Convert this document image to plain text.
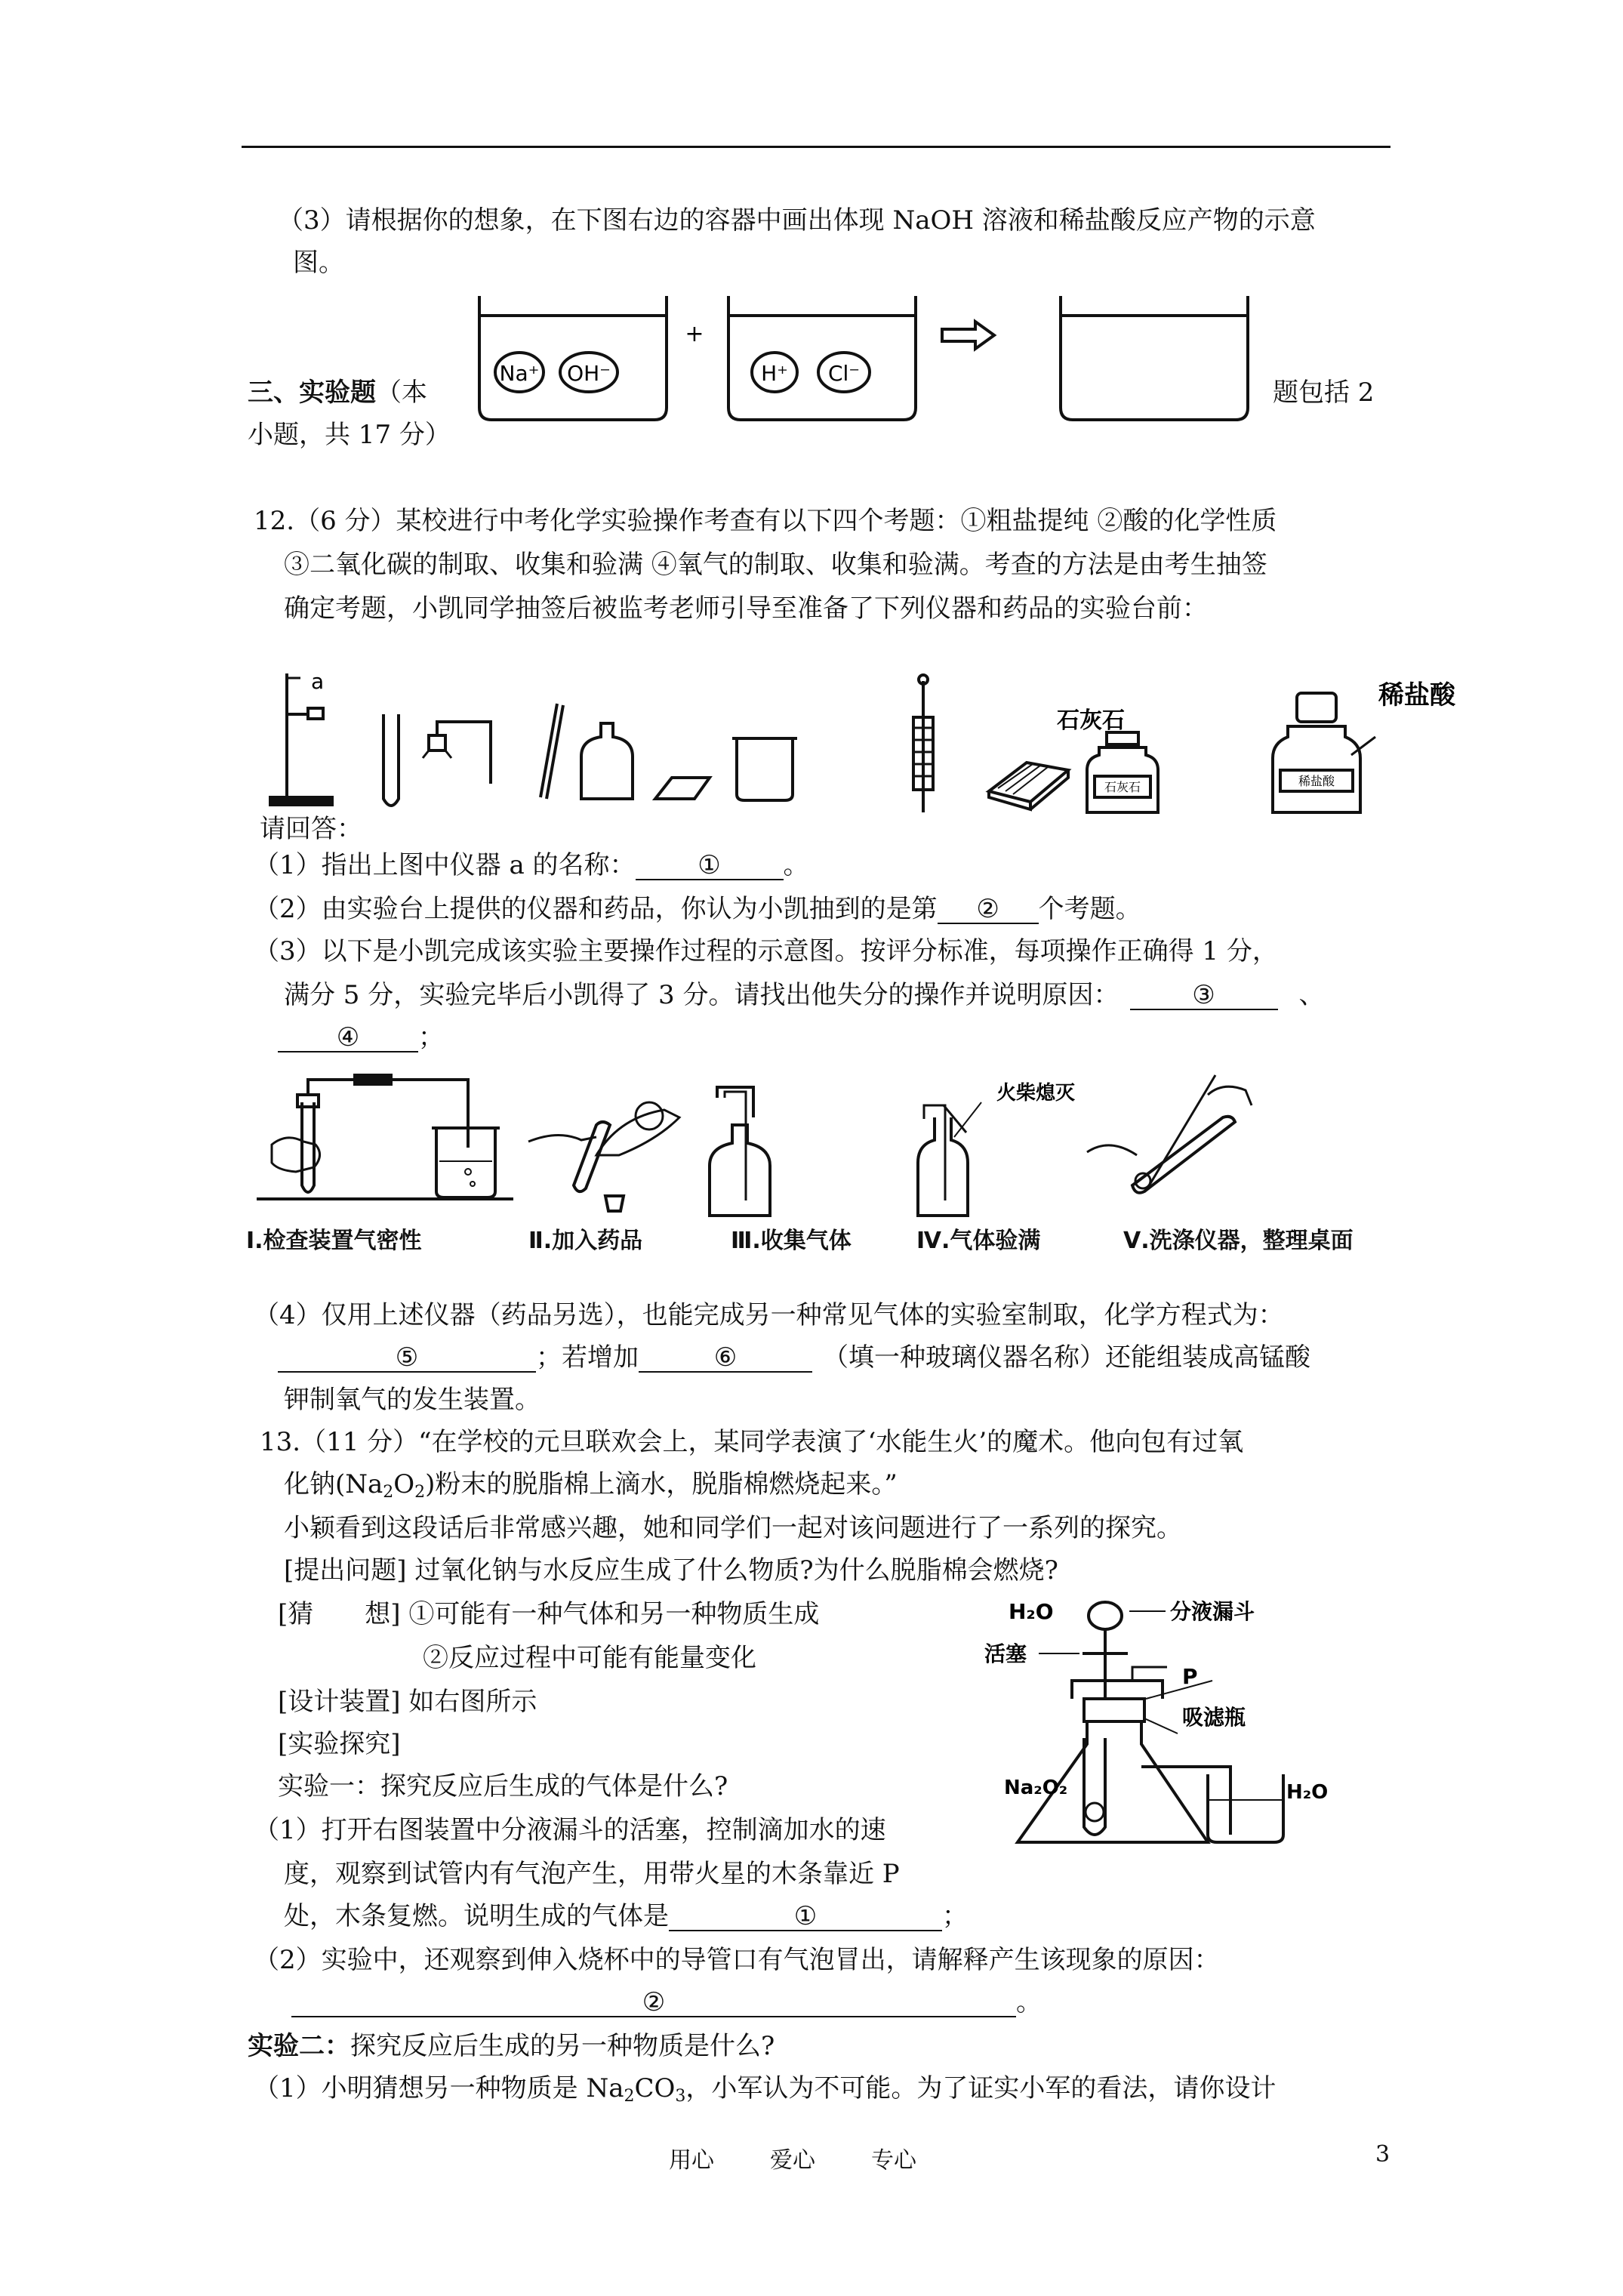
（3）请根据你的想象，在下图右边的容器中画出体现 NaOH 溶液和稀盐酸反应产物的示意
图。
Na⁺ OH⁻
+
H⁺ Cl⁻
三、实验题（本	题包括 2
小题，共 17 分）
12.（6 分）某校进行中考化学实验操作考查有以下四个考题：①粗盐提纯 ②酸的化学性质
③二氧化碳的制取、收集和验满 ④氧气的制取、收集和验满。考查的方法是由考生抽签
确定考题，小凯同学抽签后被监考老师引导至准备了下列仪器和药品的实验台前：
a
石灰石
石灰石
稀盐酸
稀盐酸
请回答：
（1）指出上图中仪器 a 的名称： ① 。
（2）由实验台上提供的仪器和药品，你认为小凯抽到的是第 ② 个考题。
（3）以下是小凯完成该实验主要操作过程的示意图。按评分标准，每项操作正确得 1 分，
满分 5 分，实验完毕后小凯得了 3 分。请找出他失分的操作并说明原因：	③	、
④ ；
火柴熄灭
Ⅰ.检查装置气密性	Ⅱ.加入药品	Ⅲ.收集气体	Ⅳ.气体验满	Ⅴ.洗涤仪器，整理桌面
（4）仅用上述仪器（药品另选），也能完成另一种常见气体的实验室制取，化学方程式为：
⑤	；若增加	⑥	（填一种玻璃仪器名称）还能组装成高锰酸
钾制氧气的发生装置。
13.（11 分）“在学校的元旦联欢会上，某同学表演了‘水能生火’的魔术。他向包有过氧
化钠$(Na_2O_2)$粉末的脱脂棉上滴水，脱脂棉燃烧起来。”
小颖看到这段话后非常感兴趣，她和同学们一起对该问题进行了一系列的探究。
[提出问题] 过氧化钠与水反应生成了什么物质?为什么脱脂棉会燃烧?
[猜　　想] ①可能有一种气体和另一种物质生成
②反应过程中可能有能量变化
[设计装置] 如右图所示
[实验探究]
实验一：探究反应后生成的气体是什么?
（1）打开右图装置中分液漏斗的活塞，控制滴加水的速
度，观察到试管内有气泡产生，用带火星的木条靠近 P
处，木条复燃。说明生成的气体是	①	；
（2）实验中，还观察到伸入烧杯中的导管口有气泡冒出，请解释产生该现象的原因：
②	。
实验二：探究反应后生成的另一种物质是什么?
（1）小明猜想另一种物质是 $Na_2CO_3$，小军认为不可能。为了证实小军的看法，请你设计
H₂O	分液漏斗
活塞
P
吸滤瓶
Na₂O₂	H₂O
用心 爱心 专心	3
